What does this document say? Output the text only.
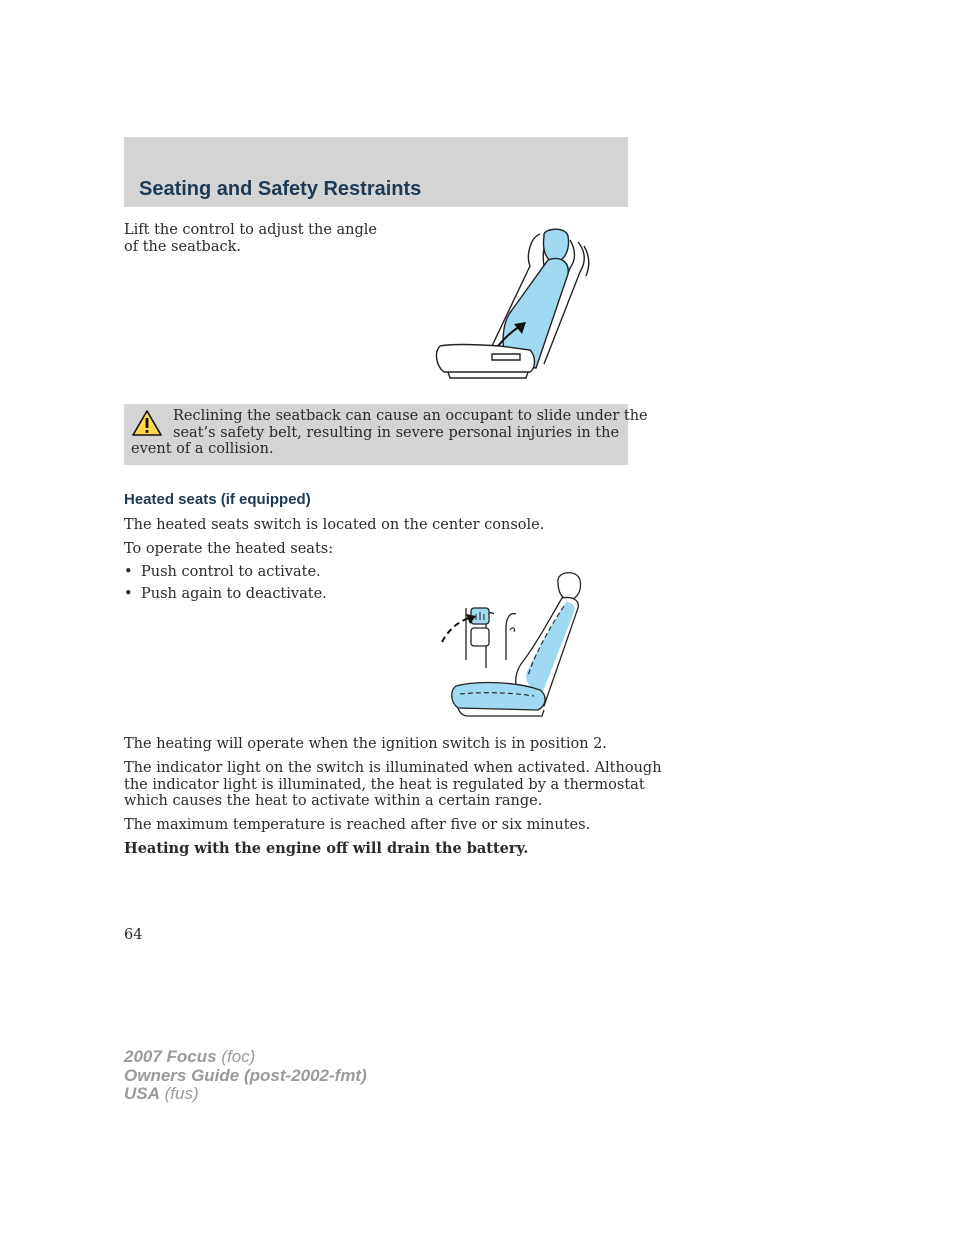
Seating and Safety Restraints

Lift the control to adjust the angle

of the seatback.

Reclining the seatback can cause an occupant to slide under the
seat’s safety belt, resulting in severe personal injuries in the
event of a collision.
Heated seats (if equipped)
The heated seats switch is located on the center console.
To operate the heated seats:
• Push control to activate.
• Push again to deactivate.
The heating will operate when the ignition switch is in position 2.

The indicator light on the switch is illuminated when activated. Although

the indicator light is illuminated, the heat is regulated by a thermostat

which causes the heat to activate within a certain range.

The maximum temperature is reached after five or six minutes.
Heating with the engine off will drain the battery.
64
2007 Focus (foc)
Owners Guide (post-2002-fmt)
USA (fus)
